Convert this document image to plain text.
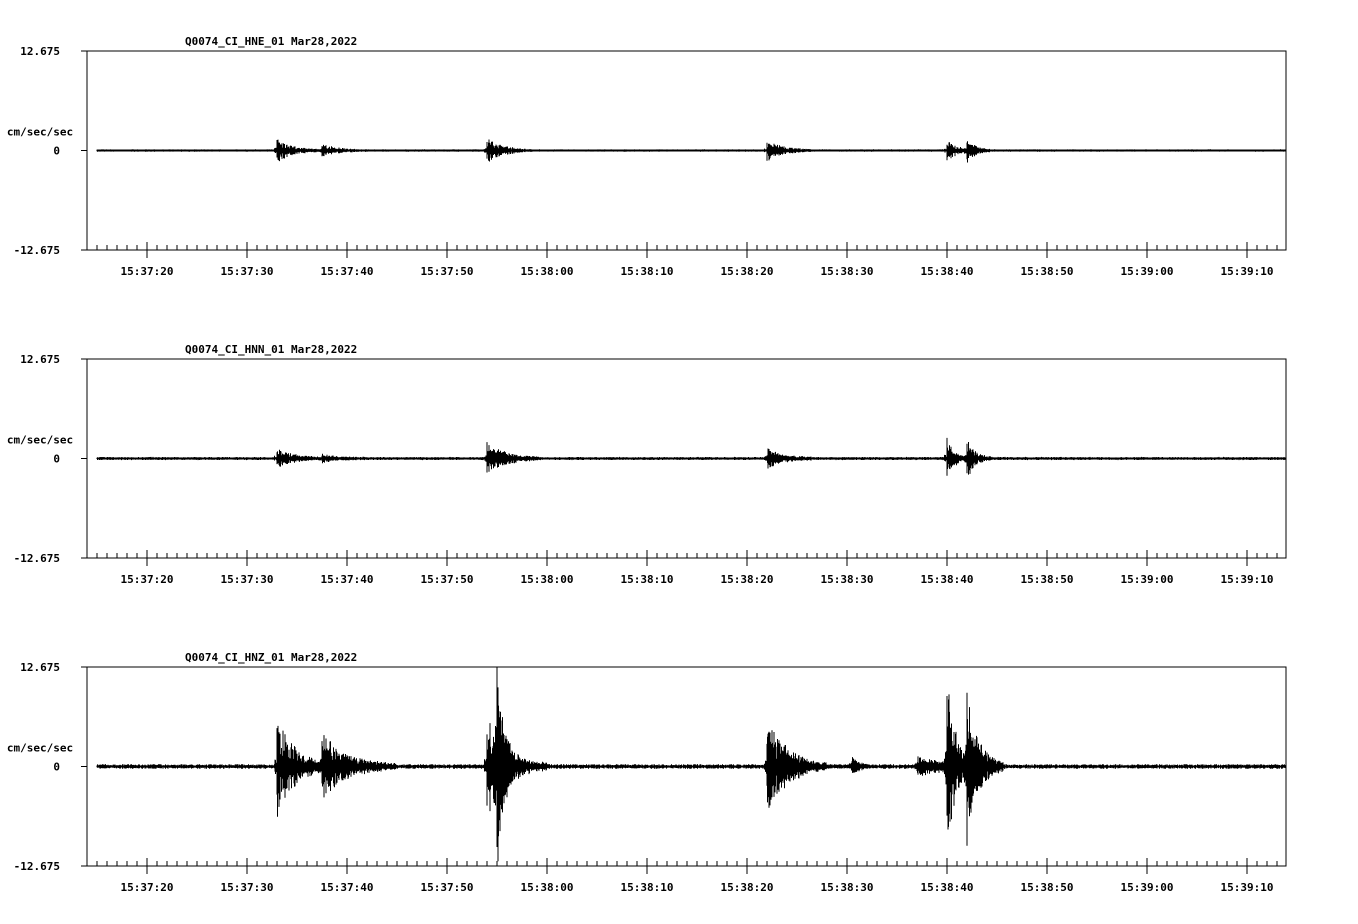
Q0074_CI_HNE_01 Mar28,2022
12.675
0
-12.675
cm/sec/sec
15:37:20	15:37:30	15:37:40	15:37:50	15:38:00	15:38:10	15:38:20	15:38:30	15:38:40	15:38:50	15:39:00	15:39:10
Q0074_CI_HNN_01 Mar28,2022
12.675
0
-12.675
cm/sec/sec
15:37:20	15:37:30	15:37:40	15:37:50	15:38:00	15:38:10	15:38:20	15:38:30	15:38:40	15:38:50	15:39:00	15:39:10
Q0074_CI_HNZ_01 Mar28,2022
12.675
0
-12.675
cm/sec/sec
15:37:20	15:37:30	15:37:40	15:37:50	15:38:00	15:38:10	15:38:20	15:38:30	15:38:40	15:38:50	15:39:00	15:39:10
